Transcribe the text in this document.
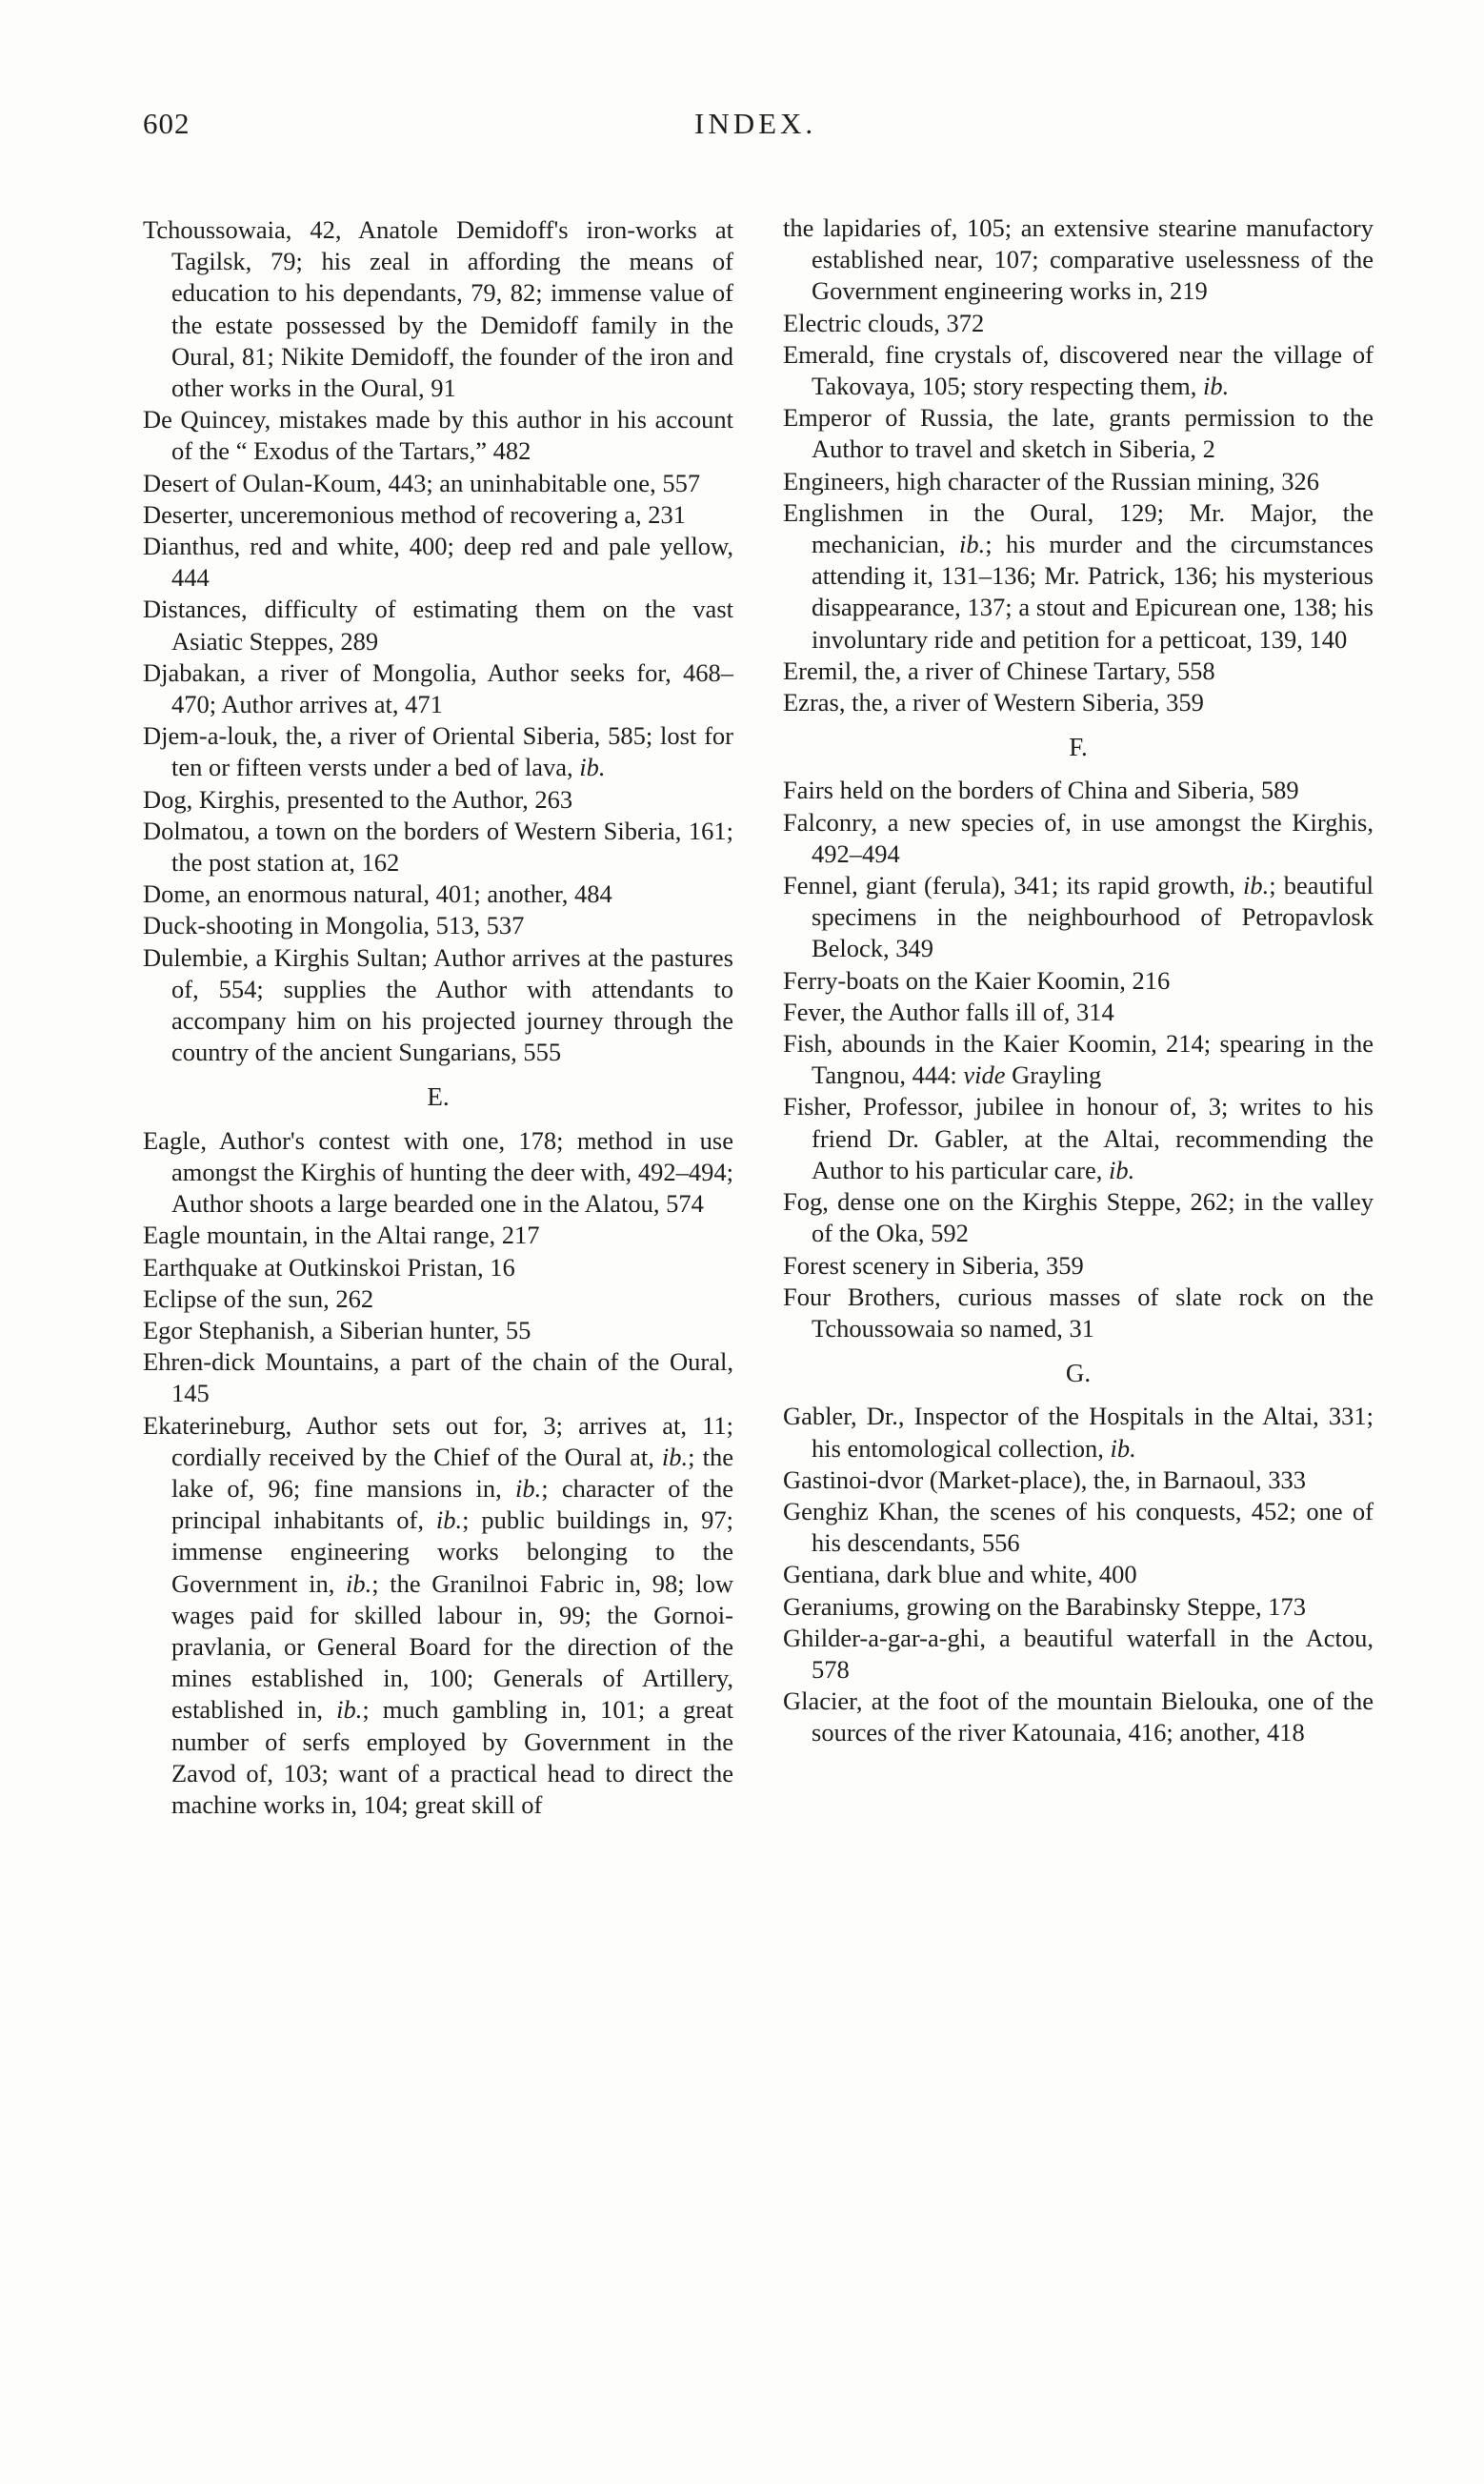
602	INDEX.

Tchoussowaia, 42, Anatole Demidoff's iron-works at Tagilsk, 79; his zeal in affording the means of education to his dependants, 79, 82; immense value of the estate possessed by the Demidoff family in the Oural, 81; Nikite Demidoff, the founder of the iron and other works in the Oural, 91

De Quincey, mistakes made by this author in his account of the “ Exodus of the Tartars,” 482

Desert of Oulan-Koum, 443; an uninhabitable one, 557

Deserter, unceremonious method of recovering a, 231

Dianthus, red and white, 400; deep red and pale yellow, 444

Distances, difficulty of estimating them on the vast Asiatic Steppes, 289

Djabakan, a river of Mongolia, Author seeks for, 468–470; Author arrives at, 471

Djem-a-louk, the, a river of Oriental Siberia, 585; lost for ten or fifteen versts under a bed of lava, ib.

Dog, Kirghis, presented to the Author, 263

Dolmatou, a town on the borders of Western Siberia, 161; the post station at, 162

Dome, an enormous natural, 401; another, 484

Duck-shooting in Mongolia, 513, 537

Dulembie, a Kirghis Sultan; Author arrives at the pastures of, 554; supplies the Author with attendants to accompany him on his projected journey through the country of the ancient Sungarians, 555

E.

Eagle, Author's contest with one, 178; method in use amongst the Kirghis of hunting the deer with, 492–494; Author shoots a large bearded one in the Alatou, 574

Eagle mountain, in the Altai range, 217

Earthquake at Outkinskoi Pristan, 16

Eclipse of the sun, 262

Egor Stephanish, a Siberian hunter, 55

Ehren-dick Mountains, a part of the chain of the Oural, 145

Ekaterineburg, Author sets out for, 3; arrives at, 11; cordially received by the Chief of the Oural at, ib.; the lake of, 96; fine mansions in, ib.; character of the principal inhabitants of, ib.; public buildings in, 97; immense engineering works belonging to the Government in, ib.; the Granilnoi Fabric in, 98; low wages paid for skilled labour in, 99; the Gornoi-pravlania, or General Board for the direction of the mines established in, 100; Generals of Artillery, established in, ib.; much gambling in, 101; a great number of serfs employed by Government in the Zavod of, 103; want of a practical head to direct the machine works in, 104; great skill of

the lapidaries of, 105; an extensive stearine manufactory established near, 107; comparative uselessness of the Government engineering works in, 219

Electric clouds, 372

Emerald, fine crystals of, discovered near the village of Takovaya, 105; story respecting them, ib.

Emperor of Russia, the late, grants permission to the Author to travel and sketch in Siberia, 2

Engineers, high character of the Russian mining, 326

Englishmen in the Oural, 129; Mr. Major, the mechanician, ib.; his murder and the circumstances attending it, 131–136; Mr. Patrick, 136; his mysterious disappearance, 137; a stout and Epicurean one, 138; his involuntary ride and petition for a petticoat, 139, 140

Eremil, the, a river of Chinese Tartary, 558

Ezras, the, a river of Western Siberia, 359

F.

Fairs held on the borders of China and Siberia, 589

Falconry, a new species of, in use amongst the Kirghis, 492–494

Fennel, giant (ferula), 341; its rapid growth, ib.; beautiful specimens in the neighbourhood of Petropavlosk Belock, 349

Ferry-boats on the Kaier Koomin, 216

Fever, the Author falls ill of, 314

Fish, abounds in the Kaier Koomin, 214; spearing in the Tangnou, 444: vide Grayling

Fisher, Professor, jubilee in honour of, 3; writes to his friend Dr. Gabler, at the Altai, recommending the Author to his particular care, ib.

Fog, dense one on the Kirghis Steppe, 262; in the valley of the Oka, 592

Forest scenery in Siberia, 359

Four Brothers, curious masses of slate rock on the Tchoussowaia so named, 31

G.

Gabler, Dr., Inspector of the Hospitals in the Altai, 331; his entomological collection, ib.

Gastinoi-dvor (Market-place), the, in Barnaoul, 333

Genghiz Khan, the scenes of his conquests, 452; one of his descendants, 556

Gentiana, dark blue and white, 400

Geraniums, growing on the Barabinsky Steppe, 173

Ghilder-a-gar-a-ghi, a beautiful waterfall in the Actou, 578

Glacier, at the foot of the mountain Bielouka, one of the sources of the river Katounaia, 416; another, 418
